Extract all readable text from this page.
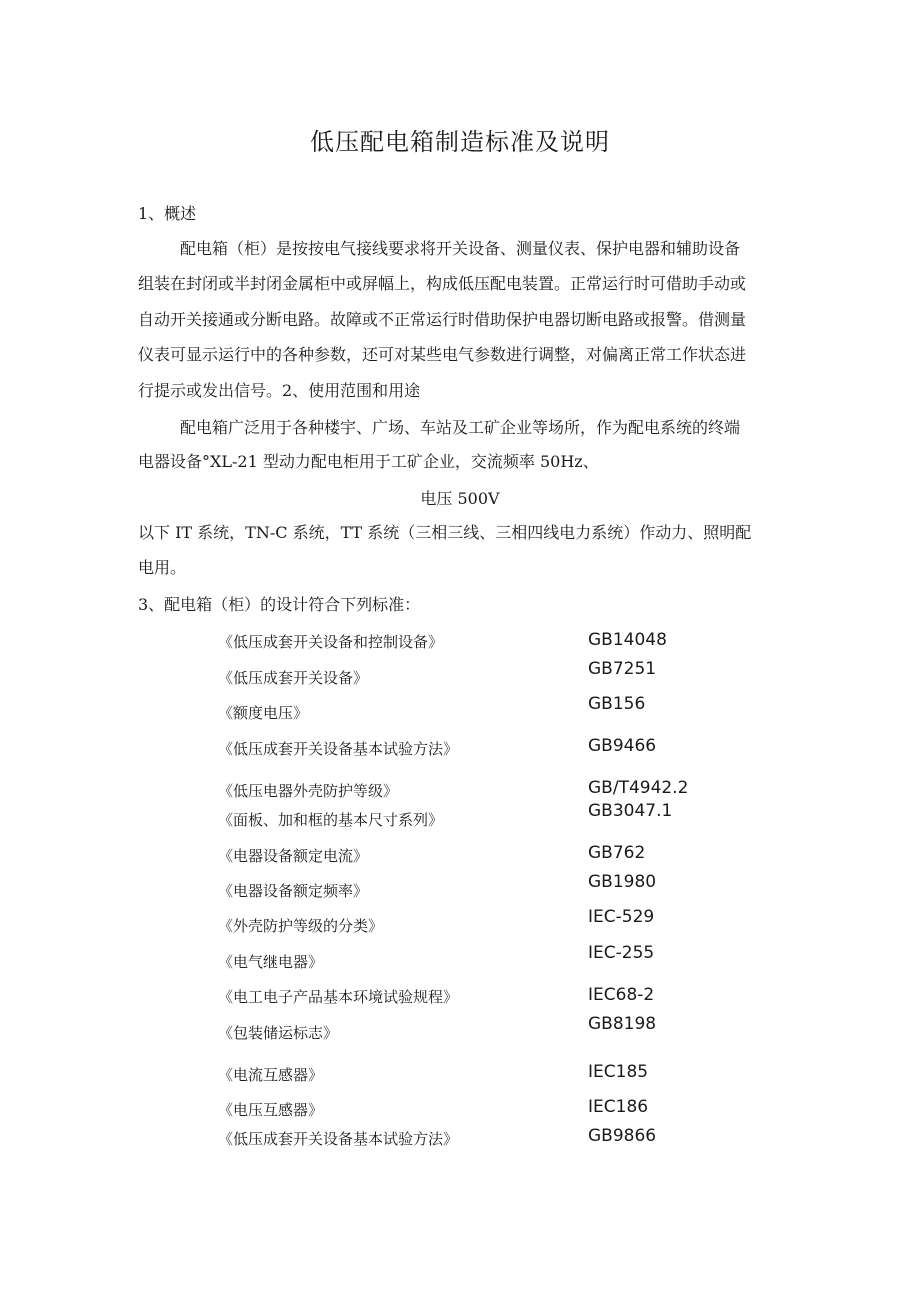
低压配电箱制造标准及说明
1、概述
配电箱（柜）是按按电气接线要求将开关设备、测量仪表、保护电器和辅助设备
组装在封闭或半封闭金属柜中或屏幅上，构成低压配电装置。正常运行时可借助手动或
自动开关接通或分断电路。故障或不正常运行时借助保护电器切断电路或报警。借测量
仪表可显示运行中的各种参数，还可对某些电气参数进行调整，对偏离正常工作状态进
行提示或发出信号。2、使用范围和用途
配电箱广泛用于各种楼宇、广场、车站及工矿企业等场所，作为配电系统的终端
电器设备°XL-21 型动力配电柜用于工矿企业，交流频率 50Hz、
电压 500V
以下 IT 系统，TN-C 系统，TT 系统（三相三线、三相四线电力系统）作动力、照明配
电用。
3、配电箱（柜）的设计符合下列标准：
《低压成套开关设备和控制设备》	GB14048
《低压成套开关设备》	GB7251
《额度电压》	GB156
《低压成套开关设备基本试验方法》	GB9466
《低压电器外壳防护等级》	GB/T4942.2
《面板、加和框的基本尺寸系列》	GB3047.1
《电器设备额定电流》	GB762
《电器设备额定频率》	GB1980
《外壳防护等级的分类》	IEC-529
《电气继电器》	IEC-255
《电工电子产品基本环境试验规程》	IEC68-2
《包装储运标志》	GB8198
《电流互感器》	IEC185
《电压互感器》	IEC186
《低压成套开关设备基本试验方法》	GB9866
